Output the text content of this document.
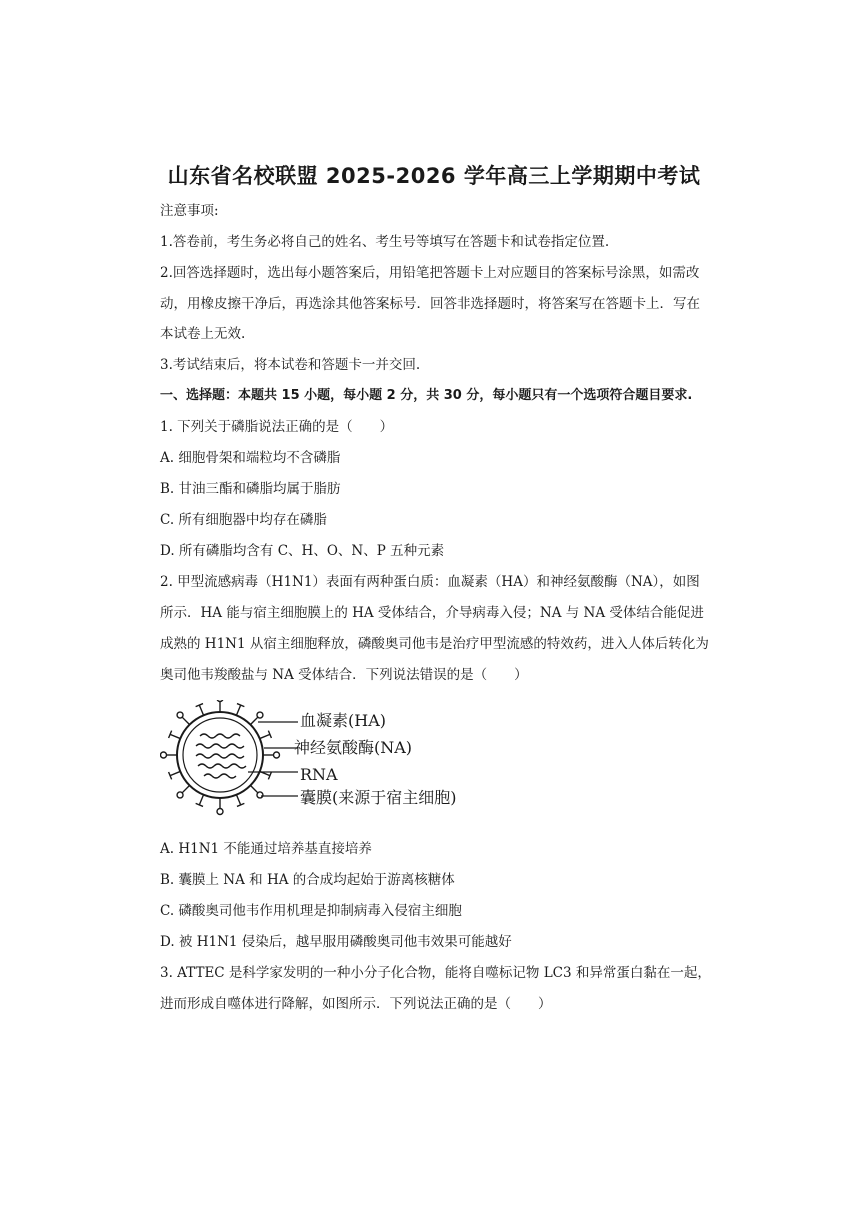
山东省名校联盟 2025-2026 学年高三上学期期中考试
注意事项:
1.答卷前，考生务必将自己的姓名、考生号等填写在答题卡和试卷指定位置.
2.回答选择题时，选出每小题答案后，用铅笔把答题卡上对应题目的答案标号涂黑，如需改
动，用橡皮擦干净后，再选涂其他答案标号．回答非选择题时，将答案写在答题卡上．写在
本试卷上无效.
3.考试结束后，将本试卷和答题卡一并交回.
一、选择题：本题共 15 小题，每小题 2 分，共 30 分，每小题只有一个选项符合题目要求.
1. 下列关于磷脂说法正确的是（　　）
A. 细胞骨架和端粒均不含磷脂
B. 甘油三酯和磷脂均属于脂肪
C. 所有细胞器中均存在磷脂
D. 所有磷脂均含有 C、H、O、N、P 五种元素
2. 甲型流感病毒（H1N1）表面有两种蛋白质：血凝素（HA）和神经氨酸酶（NA），如图
所示．HA 能与宿主细胞膜上的 HA 受体结合，介导病毒入侵；NA 与 NA 受体结合能促进
成熟的 H1N1 从宿主细胞释放，磷酸奥司他韦是治疗甲型流感的特效药，进入人体后转化为
奥司他韦羧酸盐与 NA 受体结合．下列说法错误的是（　　）
血凝素(HA)
神经氨酸酶(NA)
RNA
囊膜(来源于宿主细胞)
A. H1N1 不能通过培养基直接培养
B. 囊膜上 NA 和 HA 的合成均起始于游离核糖体
C. 磷酸奥司他韦作用机理是抑制病毒入侵宿主细胞
D. 被 H1N1 侵染后，越早服用磷酸奥司他韦效果可能越好
3. ATTEC 是科学家发明的一种小分子化合物，能将自噬标记物 LC3 和异常蛋白黏在一起，
进而形成自噬体进行降解，如图所示．下列说法正确的是（　　）
